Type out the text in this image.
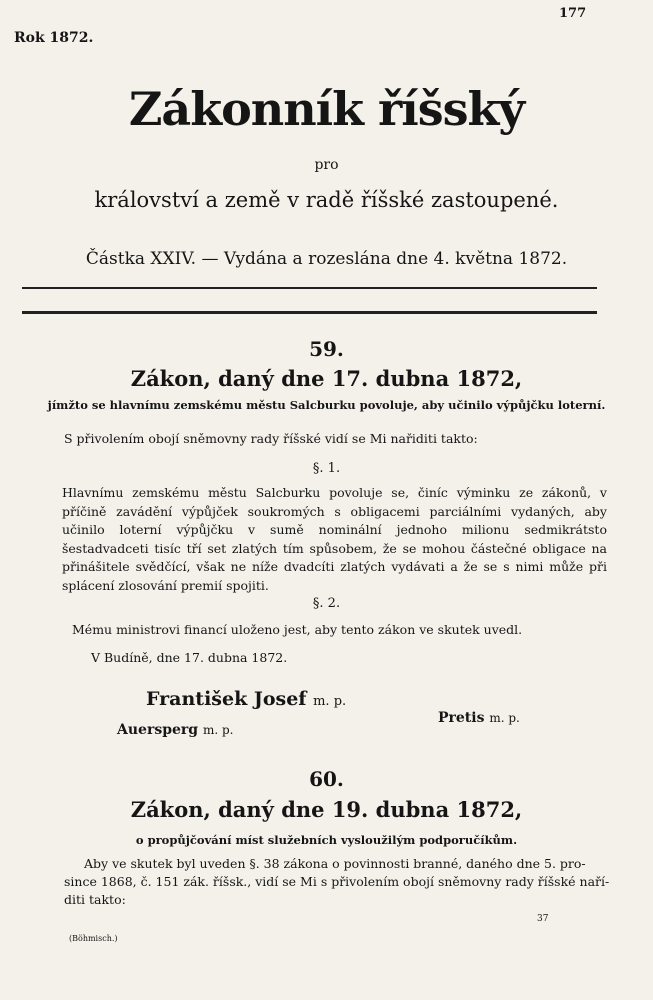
Rok 1872.
177
Zákonník říšský
pro
království a země v radě říšské zastoupené.
Částka XXIV. — Vydána a rozeslána dne 4. května 1872.
59.
Zákon, daný dne 17. dubna 1872,
jímžto se hlavnímu zemskému městu Salcburku povoluje, aby učinilo výpůjčku loterní.
S přivolením obojí sněmovny rady říšské vidí se Mi nařiditi takto:
§. 1.
Hlavnímu zemskému městu Salcburku povoluje se, činíc výminku ze zákonů, v příčině zavádění výpůjček soukromých s obligacemi parciálními vydaných, aby učinilo loterní výpůjčku v sumě nominální jednoho milionu sedmikrátsto šestadvadceti tisíc tří set zlatých tím spůsobem, že se mohou částečné obligace na přinášitele svědčící, však ne níže dvadcíti zlatých vydávati a že se s nimi může při splácení zlosování premií spojiti.
§. 2.
Mému ministrovi financí uloženo jest, aby tento zákon ve skutek uvedl.
V Budíně, dne 17. dubna 1872.
František Josef m. p.
Auersperg m. p.
Pretis m. p.
60.
Zákon, daný dne 19. dubna 1872,
o propůjčování míst služebních vysloužilým podporučíkům.
Aby ve skutek byl uveden §. 38 zákona o povinnosti branné, daného dne 5. pro-
since 1868, č. 151 zák. říšsk., vidí se Mi s přivolením obojí sněmovny rady říšské naří-
diti takto:
(Böhmisch.)
37
